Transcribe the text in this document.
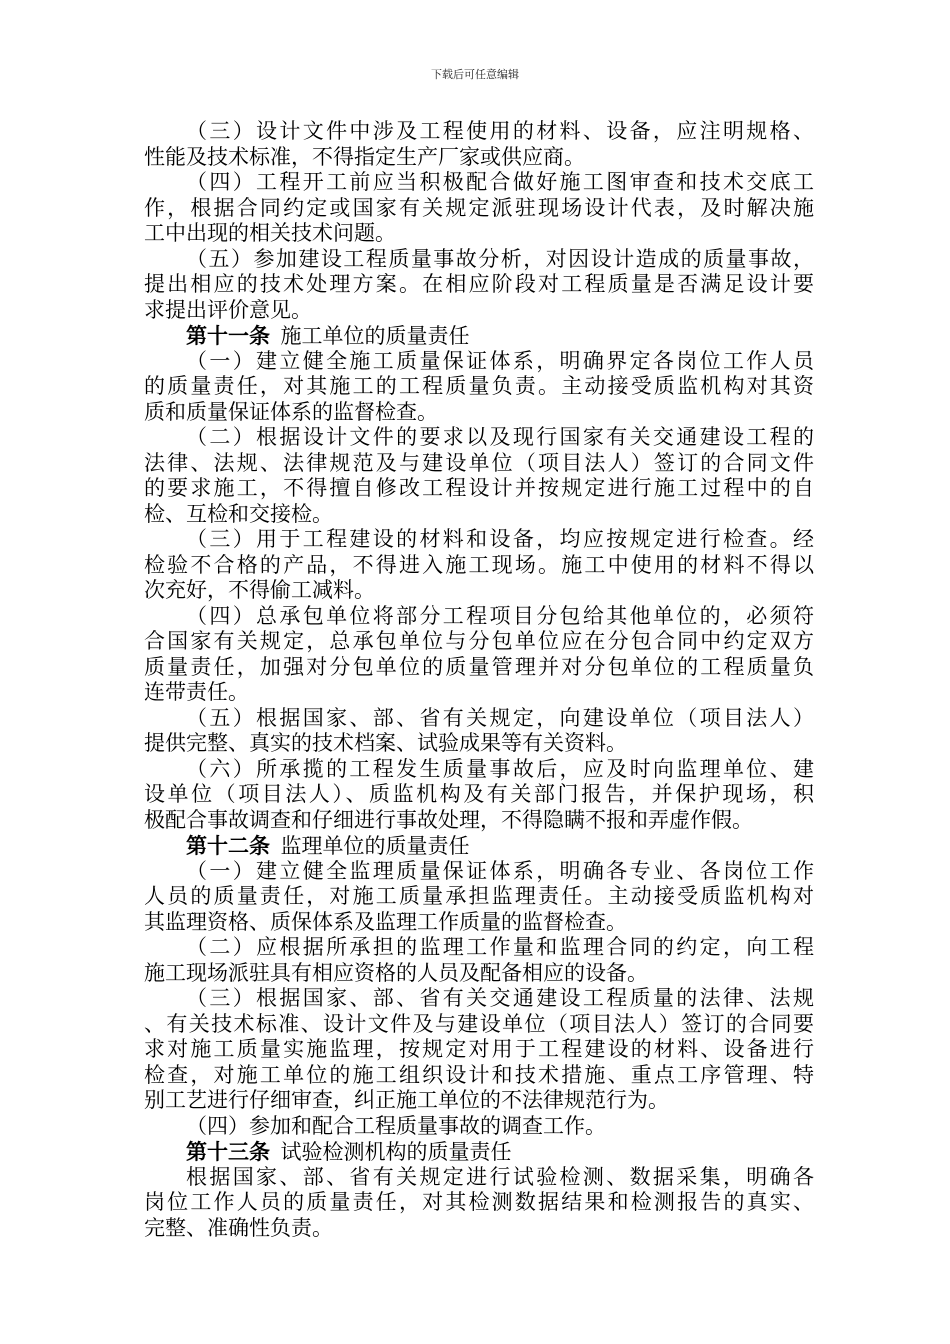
下载后可任意编辑
（三）设计文件中涉及工程使用的材料、设备，应注明规格、
性能及技术标准，不得指定生产厂家或供应商。
（四）工程开工前应当积极配合做好施工图审查和技术交底工
作，根据合同约定或国家有关规定派驻现场设计代表，及时解决施
工中出现的相关技术问题。
（五）参加建设工程质量事故分析，对因设计造成的质量事故，
提出相应的技术处理方案。在相应阶段对工程质量是否满足设计要
求提出评价意见。
第十一条 施工单位的质量责任
（一）建立健全施工质量保证体系，明确界定各岗位工作人员
的质量责任，对其施工的工程质量负责。主动接受质监机构对其资
质和质量保证体系的监督检查。
（二）根据设计文件的要求以及现行国家有关交通建设工程的
法律、法规、法律规范及与建设单位（项目法人）签订的合同文件
的要求施工，不得擅自修改工程设计并按规定进行施工过程中的自
检、互检和交接检。
（三）用于工程建设的材料和设备，均应按规定进行检查。经
检验不合格的产品，不得进入施工现场。施工中使用的材料不得以
次充好，不得偷工减料。
（四）总承包单位将部分工程项目分包给其他单位的，必须符
合国家有关规定，总承包单位与分包单位应在分包合同中约定双方
质量责任，加强对分包单位的质量管理并对分包单位的工程质量负
连带责任。
（五）根据国家、部、省有关规定，向建设单位（项目法人）
提供完整、真实的技术档案、试验成果等有关资料。
（六）所承揽的工程发生质量事故后，应及时向监理单位、建
设单位（项目法人）、质监机构及有关部门报告，并保护现场，积
极配合事故调查和仔细进行事故处理，不得隐瞒不报和弄虚作假。
第十二条 监理单位的质量责任
（一）建立健全监理质量保证体系，明确各专业、各岗位工作
人员的质量责任，对施工质量承担监理责任。主动接受质监机构对
其监理资格、质保体系及监理工作质量的监督检查。
（二）应根据所承担的监理工作量和监理合同的约定，向工程
施工现场派驻具有相应资格的人员及配备相应的设备。
（三）根据国家、部、省有关交通建设工程质量的法律、法规
、有关技术标准、设计文件及与建设单位（项目法人）签订的合同要
求对施工质量实施监理，按规定对用于工程建设的材料、设备进行
检查，对施工单位的施工组织设计和技术措施、重点工序管理、特
别工艺进行仔细审查，纠正施工单位的不法律规范行为。
（四）参加和配合工程质量事故的调查工作。
第十三条 试验检测机构的质量责任
根据国家、部、省有关规定进行试验检测、数据采集，明确各
岗位工作人员的质量责任，对其检测数据结果和检测报告的真实、
完整、准确性负责。
